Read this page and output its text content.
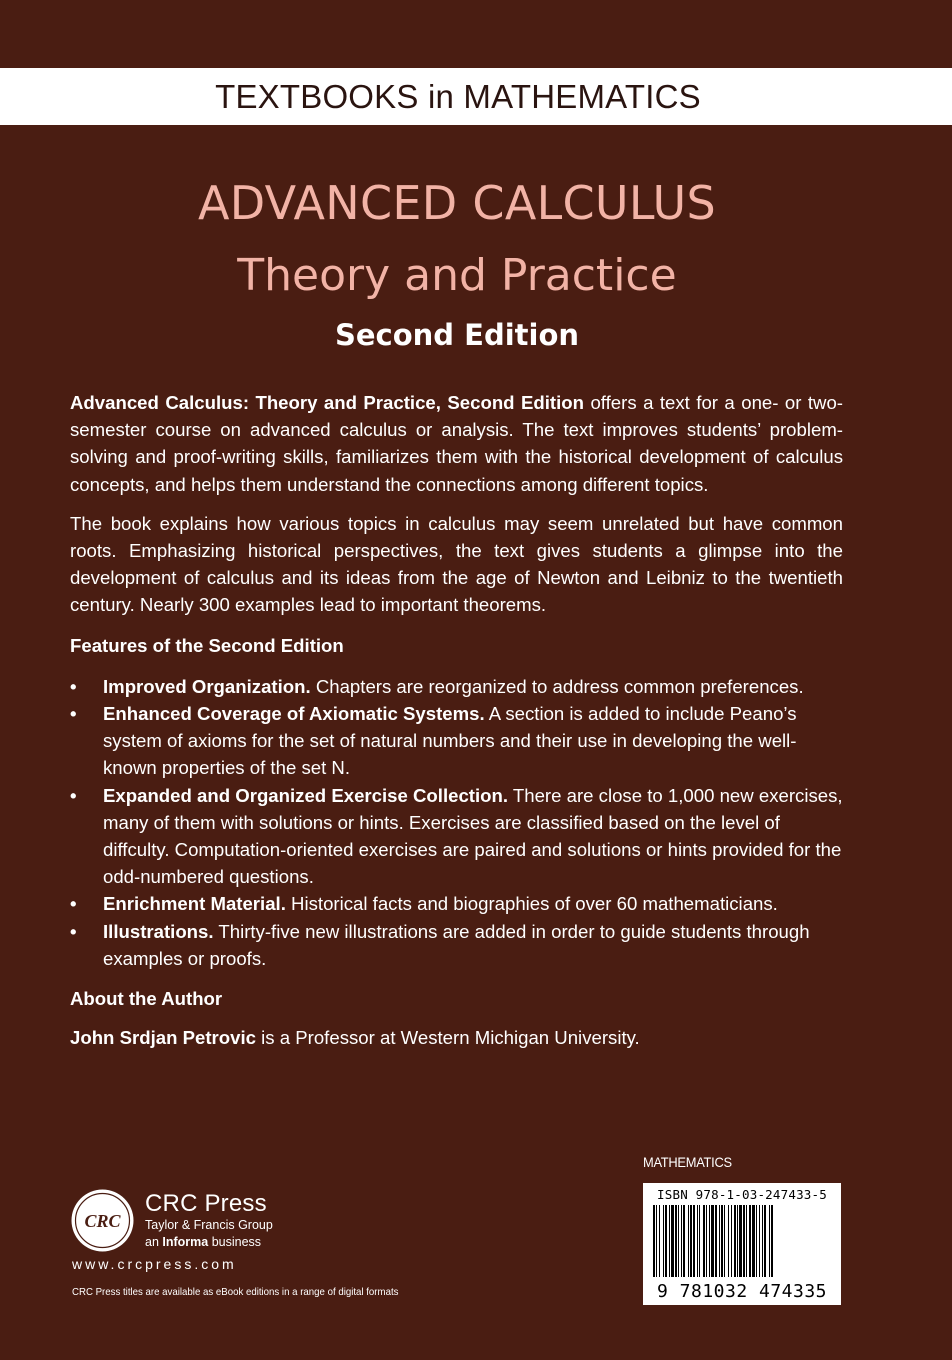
TEXTBOOKS in MATHEMATICS
ADVANCED CALCULUS
Theory and Practice
Second Edition

Advanced Calculus: Theory and Practice, Second Edition offers a text for a one- or two-semester course on advanced calculus or analysis. The text improves students’ problem-solving and proof-writing skills, familiarizes them with the historical development of calculus concepts, and helps them understand the connections among different topics.

The book explains how various topics in calculus may seem unrelated but have common roots. Emphasizing historical perspectives, the text gives students a glimpse into the development of calculus and its ideas from the age of Newton and Leibniz to the twentieth century. Nearly 300 examples lead to important theorems.

Features of the Second Edition
• Improved Organization. Chapters are reorganized to address common preferences.
• Enhanced Coverage of Axiomatic Systems. A section is added to include Peano’s system of axioms for the set of natural numbers and their use in developing the well-known properties of the set N.
• Expanded and Organized Exercise Collection. There are close to 1,000 new exercises, many of them with solutions or hints. Exercises are classified based on the level of diffculty. Computation-oriented exercises are paired and solutions or hints provided for the odd-numbered questions.
• Enrichment Material. Historical facts and biographies of over 60 mathematicians.
• Illustrations. Thirty-five new illustrations are added in order to guide students through examples or proofs.
About the Author
John Srdjan Petrovic is a Professor at Western Michigan University.
MATHEMATICS
ISBN 978-1-03-247433-5
9 781032 474335
CRC
CRC Press
Taylor & Francis Group
an Informa business
www.crcpress.com
CRC Press titles are available as eBook editions in a range of digital formats
